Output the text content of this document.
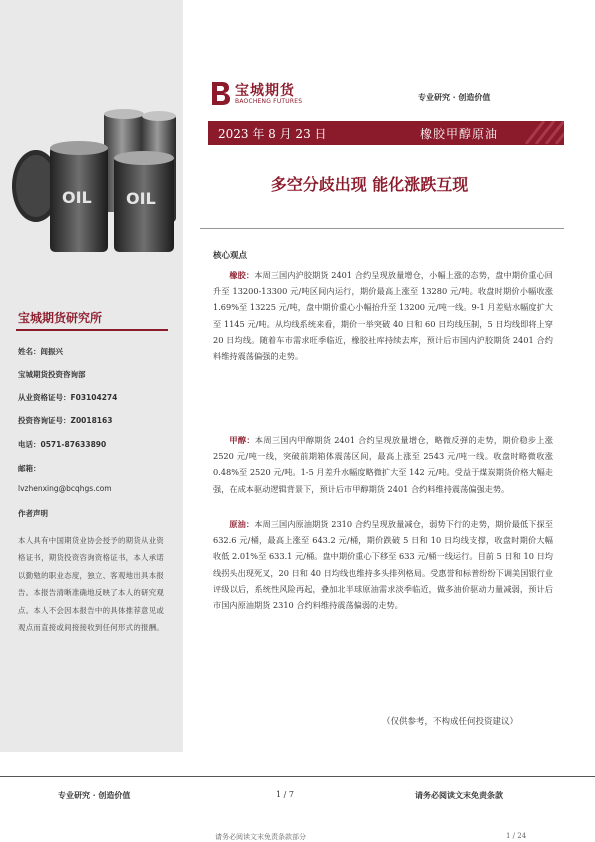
OIL OIL
宝城期货研究所
姓名：闾振兴
宝城期货投资咨询部
从业资格证号：F03104274
投资咨询证号：Z0018163
电话：0571-87633890
邮箱：
lvzhenxing@bcqhgs.com
作者声明
本人具有中国期货业协会授予的期货从业资格证书，期货投资咨询资格证书，本人承诺以勤勉的职业态度，独立、客观地出具本报告。本报告清晰准确地反映了本人的研究观点。本人不会因本报告中的具体推荐意见或观点而直接或间接接收到任何形式的报酬。
宝城期货
BAOCHENG FUTURES	专业研究 · 创造价值
2023 年 8 月 23 日	橡胶甲醇原油
多空分歧出现 能化涨跌互现
核心观点
橡胶：本周三国内沪胶期货 2401 合约呈现放量增仓，小幅上涨的态势，盘中期价重心回升至 13200-13300 元/吨区间内运行，期价最高上涨至 13280 元/吨。收盘时期价小幅收涨 1.69%至 13225 元/吨，盘中期价重心小幅抬升至 13200 元/吨一线。9-1 月差贴水幅度扩大至 1145 元/吨。从均线系统来看，期价一举突破 40 日和 60 日均线压制，5 日均线即将上穿 20 日均线。随着车市需求旺季临近，橡胶社库持续去库，预计后市国内沪胶期货 2401 合约料维持震荡偏强的走势。
甲醇：本周三国内甲醇期货 2401 合约呈现放量增仓，略微反弹的走势，期价稳步上涨 2520 元/吨一线，突破前期箱体震荡区间，最高上涨至 2543 元/吨一线。收盘时略微收涨 0.48%至 2520 元/吨。1-5 月差升水幅度略微扩大至 142 元/吨。受益于煤炭期货价格大幅走强，在成本驱动逻辑背景下，预计后市甲醇期货 2401 合约料维持震荡偏强走势。
原油：本周三国内原油期货 2310 合约呈现放量减仓，弱势下行的走势，期价最低下探至 632.6 元/桶，最高上涨至 643.2 元/桶，期价跌破 5 日和 10 日均线支撑，收盘时期价大幅收低 2.01%至 633.1 元/桶。盘中期价重心下移至 633 元/桶一线运行。目前 5 日和 10 日均线拐头出现死叉，20 日和 40 日均线也维持多头排列格局。受惠誉和标普纷纷下调美国银行业评级以后，系统性风险再起，叠加北半球原油需求淡季临近，做多油价驱动力量减弱，预计后市国内原油期货 2310 合约料维持震荡偏弱的走势。
（仅供参考，不构成任何投资建议）
专业研究 · 创造价值	1 / 7	请务必阅读文末免责条款
请务必阅读文末免责条款部分	1 / 24
